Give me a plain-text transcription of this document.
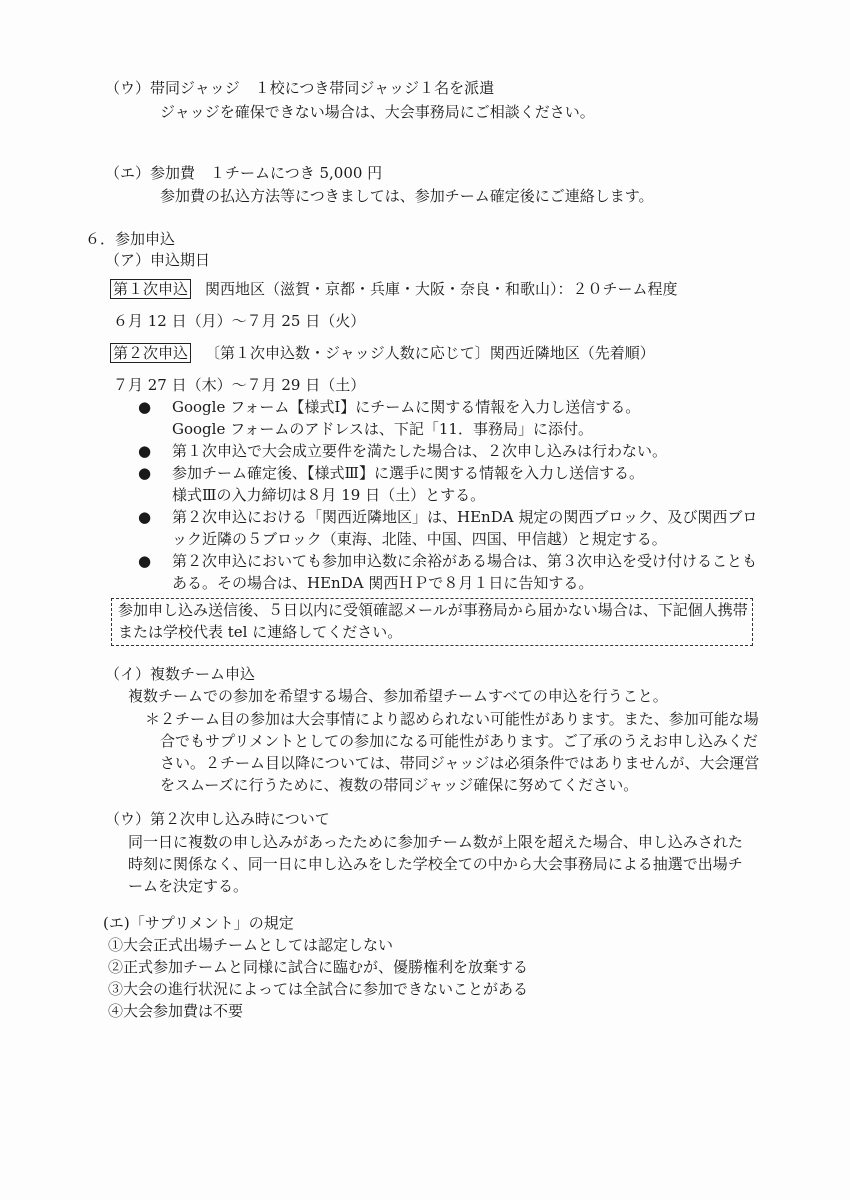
（ウ）帯同ジャッジ　１校につき帯同ジャッジ１名を派遣
ジャッジを確保できない場合は、大会事務局にご相談ください。
（エ）参加費　１チームにつき 5,000 円
参加費の払込方法等につきましては、参加チーム確定後にご連絡します。
６．参加申込
（ア）申込期日
第１次申込 関西地区（滋賀・京都・兵庫・大阪・奈良・和歌山）：２０チーム程度
６月 12 日（月）～７月 25 日（火）
第２次申込 〔第１次申込数・ジャッジ人数に応じて〕関西近隣地区（先着順）
７月 27 日（木）～７月 29 日（土）
● Google フォーム【様式Ⅰ】にチームに関する情報を入力し送信する。
Google フォームのアドレスは、下記「11．事務局」に添付。
● 第１次申込で大会成立要件を満たした場合は、２次申し込みは行わない。
● 参加チーム確定後、【様式Ⅲ】に選手に関する情報を入力し送信する。
様式Ⅲの入力締切は８月 19 日（土）とする。
● 第２次申込における「関西近隣地区」は、HEnDA 規定の関西ブロック、及び関西ブロ
ック近隣の５ブロック（東海、北陸、中国、四国、甲信越）と規定する。
● 第２次申込においても参加申込数に余裕がある場合は、第３次申込を受け付けることも
ある。その場合は、HEnDA 関西ＨＰで８月１日に告知する。
参加申し込み送信後、５日以内に受領確認メールが事務局から届かない場合は、下記個人携帯
または学校代表 tel に連絡してください。
（イ）複数チーム申込
複数チームでの参加を希望する場合、参加希望チームすべての申込を行うこと。
＊２チーム目の参加は大会事情により認められない可能性があります。また、参加可能な場
合でもサプリメントとしての参加になる可能性があります。ご了承のうえお申し込みくだ
さい。２チーム目以降については、帯同ジャッジは必須条件ではありませんが、大会運営
をスムーズに行うために、複数の帯同ジャッジ確保に努めてください。
（ウ）第２次申し込み時について
同一日に複数の申し込みがあったために参加チーム数が上限を超えた場合、申し込みされた
時刻に関係なく、同一日に申し込みをした学校全ての中から大会事務局による抽選で出場チ
ームを決定する。
(エ)「サプリメント」の規定
①大会正式出場チームとしては認定しない
②正式参加チームと同様に試合に臨むが、優勝権利を放棄する
③大会の進行状況によっては全試合に参加できないことがある
④大会参加費は不要
